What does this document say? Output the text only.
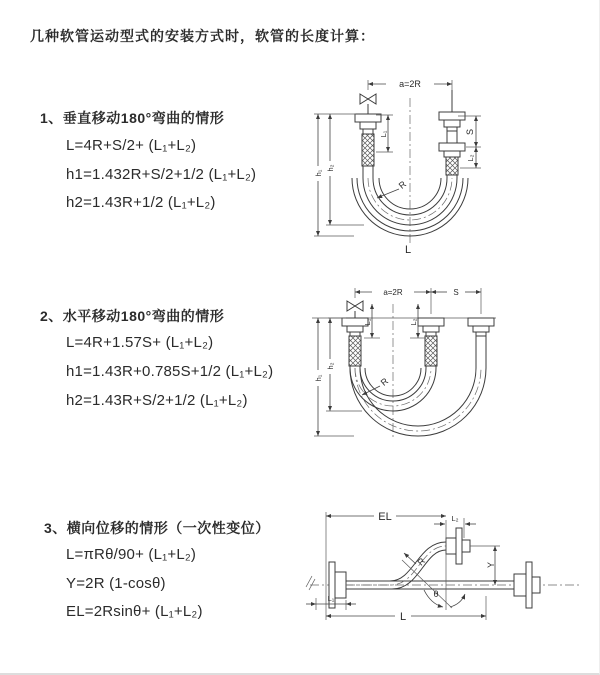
几种软管运动型式的安装方式时，软管的长度计算：
1、垂直移动180°弯曲的情形
L=4R+S/2+ (L₁+L₂)
h1=1.432R+S/2+1/2 (L₁+L₂)
h2=1.43R+1/2 (L₁+L₂)
a=2R
L₁	S
L₂
h₁
h₂
R
L
2、水平移动180°弯曲的情形
L=4R+1.57S+ (L₁+L₂)
h1=1.43R+0.785S+1/2 (L₁+L₂)
h2=1.43R+S/2+1/2 (L₁+L₂)
a=2R	S
L₁	L₂
h₁
h₂
R
3、横向位移的情形（一次性变位）
L=πRθ/90+ (L₁+L₂)
Y=2R (1-cosθ)
EL=2Rsinθ+ (L₁+L₂)
EL	L₂
Y
L
L₁	θ
R
